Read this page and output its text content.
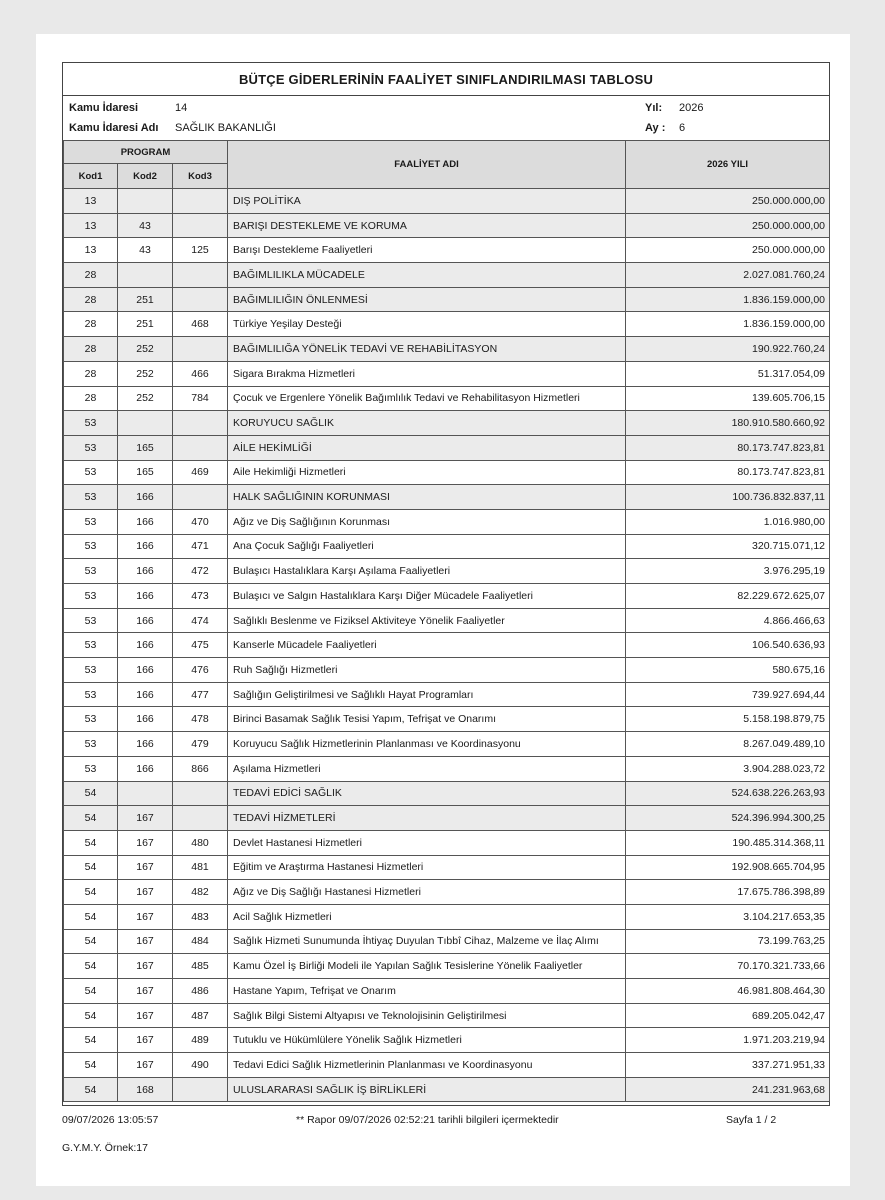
BÜTÇE GİDERLERİNİN FAALİYET SINIFLANDIRILMASI TABLOSU
Kamu İdaresi	14
Kamu İdaresi Adı SAĞLIK BAKANLIĞI
Yıl: 2026
Ay : 6
PROGRAM			FAALİYET ADI	2026 YILI
Kod1	Kod2	Kod3		
13			DIŞ POLİTİKA	250.000.000,00
13	43		BARIŞI DESTEKLEME VE KORUMA	250.000.000,00
13	43	125	Barışı Destekleme Faaliyetleri	250.000.000,00
28			BAĞIMLILIKLA MÜCADELE	2.027.081.760,24
28	251		BAĞIMLILIĞIN ÖNLENMESİ	1.836.159.000,00
28	251	468	Türkiye Yeşilay Desteği	1.836.159.000,00
28	252		BAĞIMLILIĞA YÖNELİK TEDAVİ VE REHABİLİTASYON	190.922.760,24
28	252	466	Sigara Bırakma Hizmetleri	51.317.054,09
28	252	784	Çocuk ve Ergenlere Yönelik Bağımlılık Tedavi ve Rehabilitasyon Hizmetleri	139.605.706,15
53			KORUYUCU SAĞLIK	180.910.580.660,92
53	165		AİLE HEKİMLİĞİ	80.173.747.823,81
53	165	469	Aile Hekimliği Hizmetleri	80.173.747.823,81
53	166		HALK SAĞLIĞININ KORUNMASI	100.736.832.837,11
53	166	470	Ağız ve Diş Sağlığının Korunması	1.016.980,00
53	166	471	Ana Çocuk Sağlığı Faaliyetleri	320.715.071,12
53	166	472	Bulaşıcı Hastalıklara Karşı Aşılama Faaliyetleri	3.976.295,19
53	166	473	Bulaşıcı ve Salgın Hastalıklara Karşı Diğer Mücadele Faaliyetleri	82.229.672.625,07
53	166	474	Sağlıklı Beslenme ve Fiziksel Aktiviteye Yönelik Faaliyetler	4.866.466,63
53	166	475	Kanserle Mücadele Faaliyetleri	106.540.636,93
53	166	476	Ruh Sağlığı Hizmetleri	580.675,16
53	166	477	Sağlığın Geliştirilmesi ve Sağlıklı Hayat Programları	739.927.694,44
53	166	478	Birinci Basamak Sağlık Tesisi Yapım, Tefrişat ve Onarımı	5.158.198.879,75
53	166	479	Koruyucu Sağlık Hizmetlerinin Planlanması ve Koordinasyonu	8.267.049.489,10
53	166	866	Aşılama Hizmetleri	3.904.288.023,72
54			TEDAVİ EDİCİ SAĞLIK	524.638.226.263,93
54	167		TEDAVİ HİZMETLERİ	524.396.994.300,25
54	167	480	Devlet Hastanesi Hizmetleri	190.485.314.368,11
54	167	481	Eğitim ve Araştırma Hastanesi Hizmetleri	192.908.665.704,95
54	167	482	Ağız ve Diş Sağlığı Hastanesi Hizmetleri	17.675.786.398,89
54	167	483	Acil Sağlık Hizmetleri	3.104.217.653,35
54	167	484	Sağlık Hizmeti Sunumunda İhtiyaç Duyulan Tıbbî Cihaz, Malzeme ve İlaç Alımı	73.199.763,25
54	167	485	Kamu Özel İş Birliği Modeli ile Yapılan Sağlık Tesislerine Yönelik Faaliyetler	70.170.321.733,66
54	167	486	Hastane Yapım, Tefrişat ve Onarım	46.981.808.464,30
54	167	487	Sağlık Bilgi Sistemi Altyapısı ve Teknolojisinin Geliştirilmesi	689.205.042,47
54	167	489	Tutuklu ve Hükümlülere Yönelik Sağlık Hizmetleri	1.971.203.219,94
54	167	490	Tedavi Edici Sağlık Hizmetlerinin Planlanması ve Koordinasyonu	337.271.951,33
54	168		ULUSLARARASI SAĞLIK İŞ BİRLİKLERİ	241.231.963,68
09/07/2026 13:05:57	** Rapor 09/07/2026 02:52:21 tarihli bilgileri içermektedir	Sayfa 1 / 2
G.Y.M.Y. Örnek:17
